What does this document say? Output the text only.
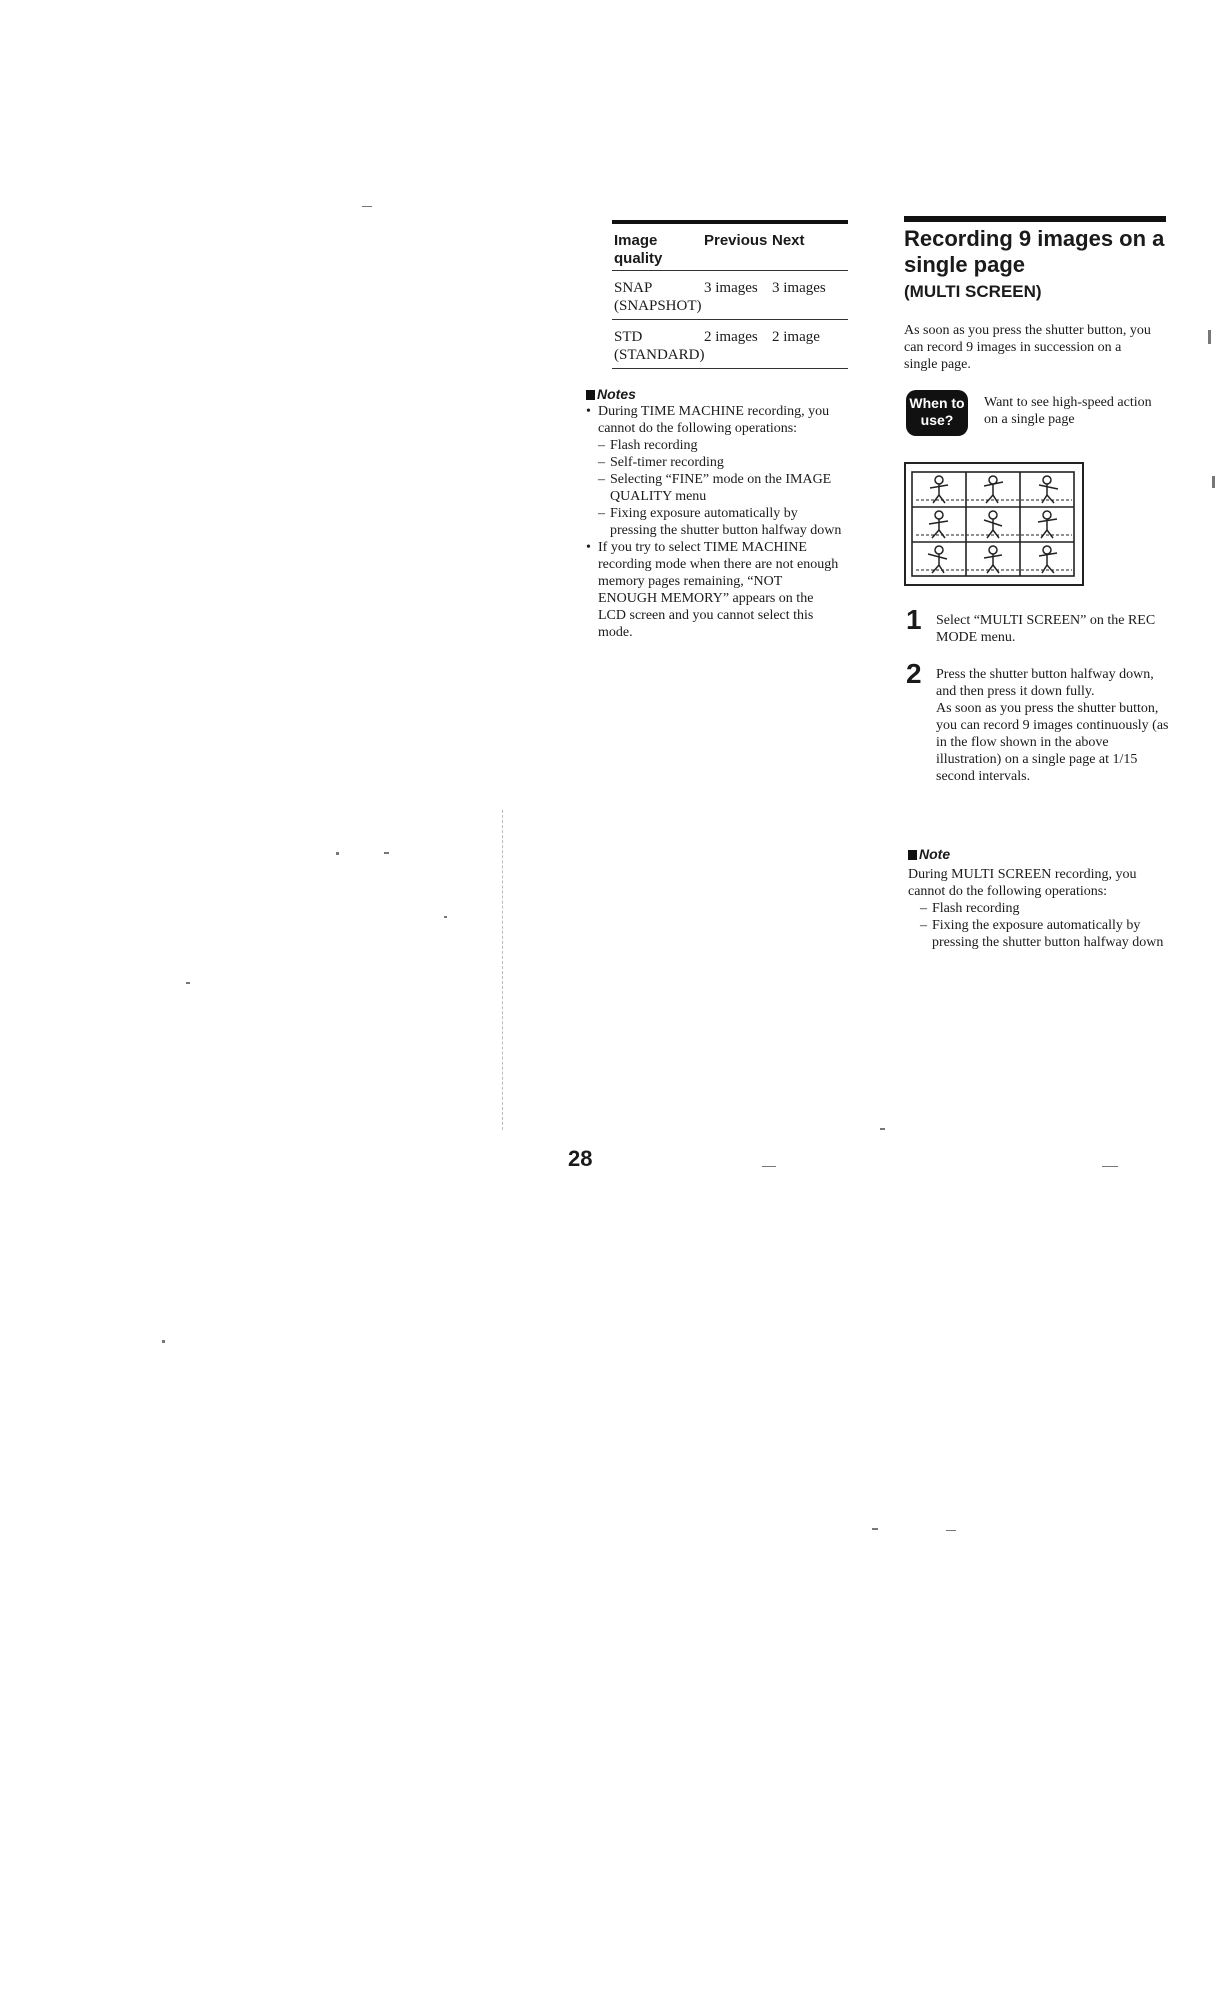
Image quality
Previous Next
SNAP (SNAPSHOT)
3 images 3 images
STD (STANDARD)
2 images 2 image
Notes
• During TIME MACHINE recording, you cannot do the following operations:
– Flash recording
– Self-timer recording
– Selecting “FINE” mode on the IMAGE QUALITY menu
– Fixing exposure automatically by pressing the shutter button halfway down
• If you try to select TIME MACHINE recording mode when there are not enough memory pages remaining, “NOT ENOUGH MEMORY” appears on the LCD screen and you cannot select this mode.
Recording 9 images on a single page
(MULTI SCREEN)
As soon as you press the shutter button, you can record 9 images in succession on a single page.
When to use?
Want to see high-speed action on a single page
1 Select “MULTI SCREEN” on the REC MODE menu.
2 Press the shutter button halfway down, and then press it down fully.
As soon as you press the shutter button, you can record 9 images continuously (as in the flow shown in the above illustration) on a single page at 1/15 second intervals.
Note
During MULTI SCREEN recording, you cannot do the following operations:
– Flash recording
– Fixing the exposure automatically by pressing the shutter button halfway down
28
